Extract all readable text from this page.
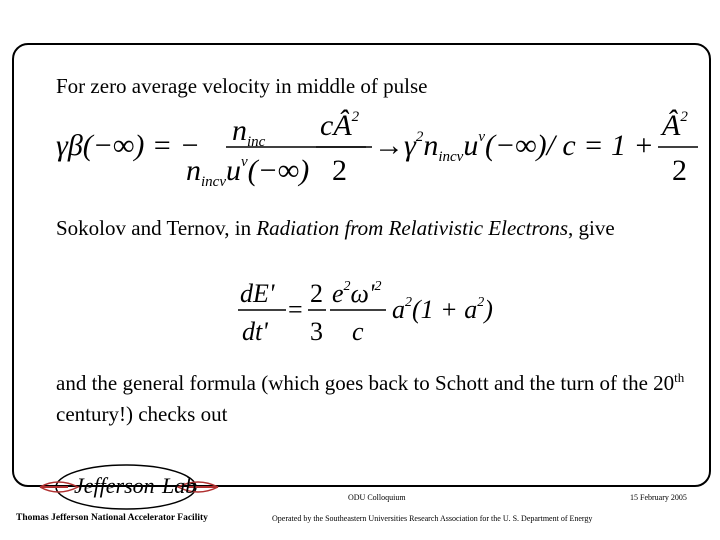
For zero average velocity in middle of pulse
γβ(−∞) = − $n_{inc}$
$n_{inc\nu}u^\nu(-\infty)$
$cÂ^2$
2
→ $\gamma^2n_{inc\nu}u^\nu(-\infty)/$ c = 1 +
$Â^2$
2
Sokolov and Ternov, in Radiation from Relativistic Electrons, give
dE'
dt'
=
2
3
$e^2\omega'^2$
c
$a^2(1 + a^2)$
and the general formula (which goes back to Schott and the turn of the 20th century!) checks out
Jefferson Lab
Thomas Jefferson National Accelerator Facility
ODU Colloquium	15 February 2005
Operated by the Southeastern Universities Research Association for the U. S. Department of Energy
